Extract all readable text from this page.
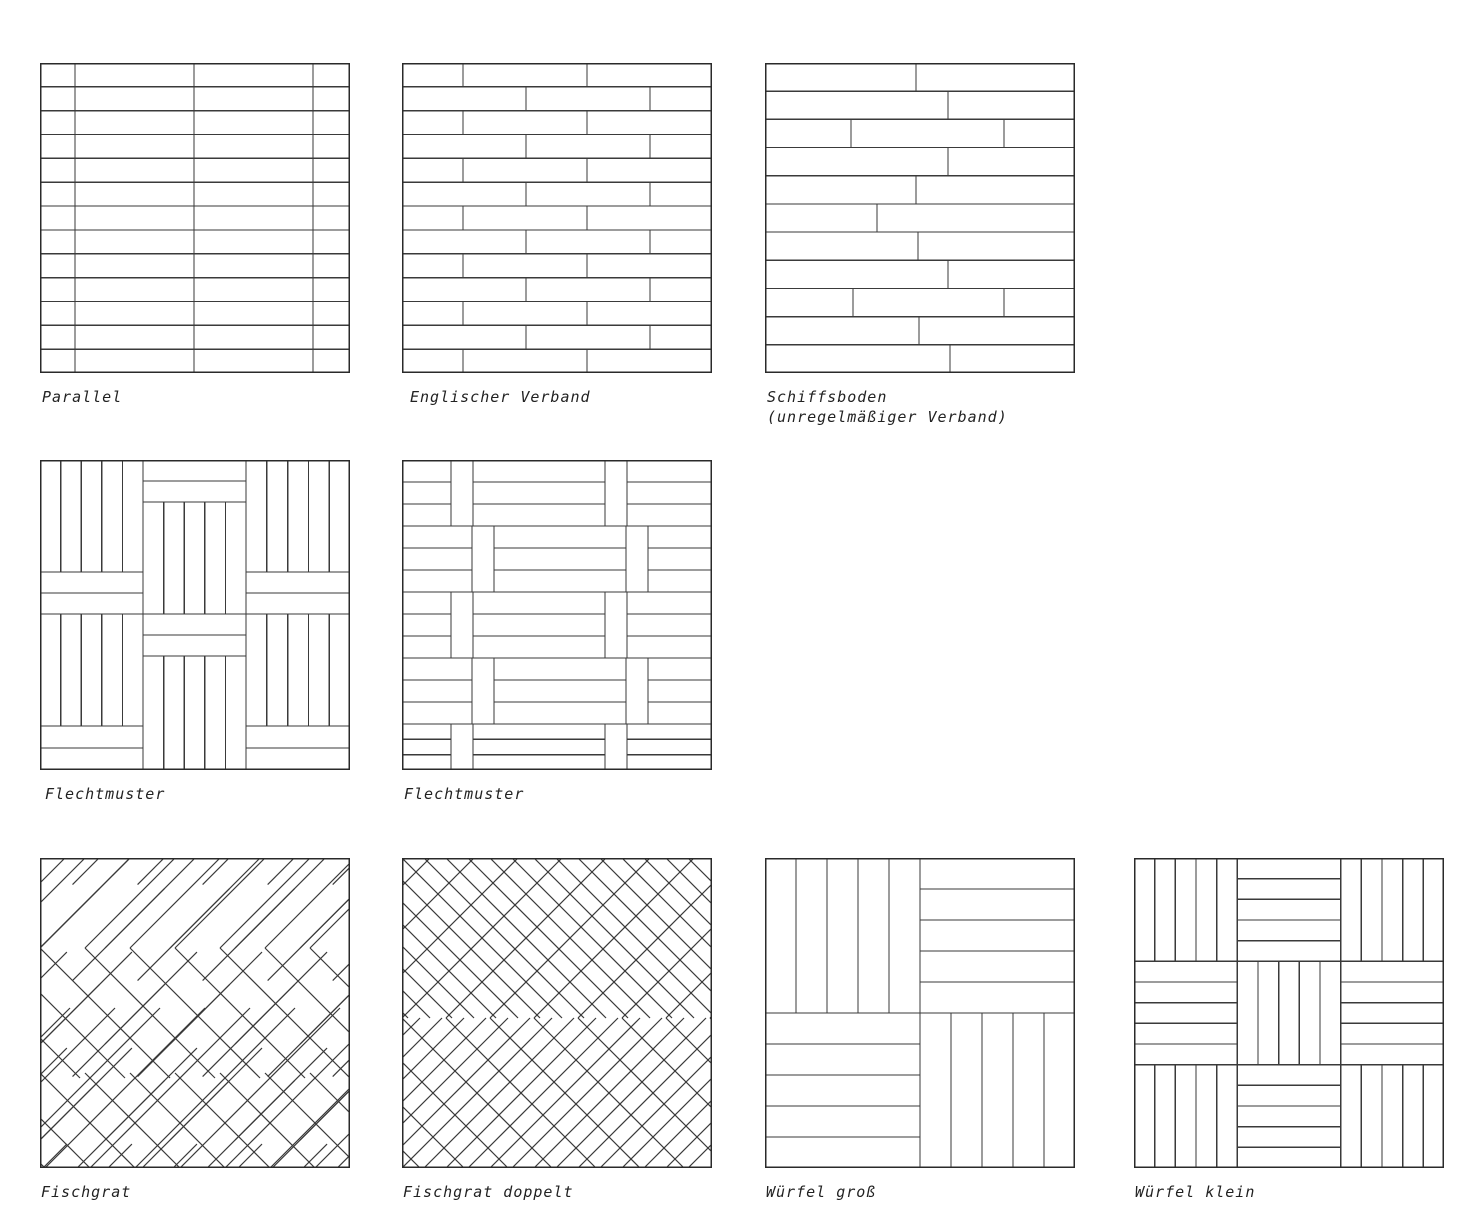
Parallel	Englischer Verband	Schiffsboden
(unregelmäßiger Verband)
Flechtmuster	Flechtmuster
Fischgrat	Fischgrat doppelt	Würfel groß	Würfel klein
